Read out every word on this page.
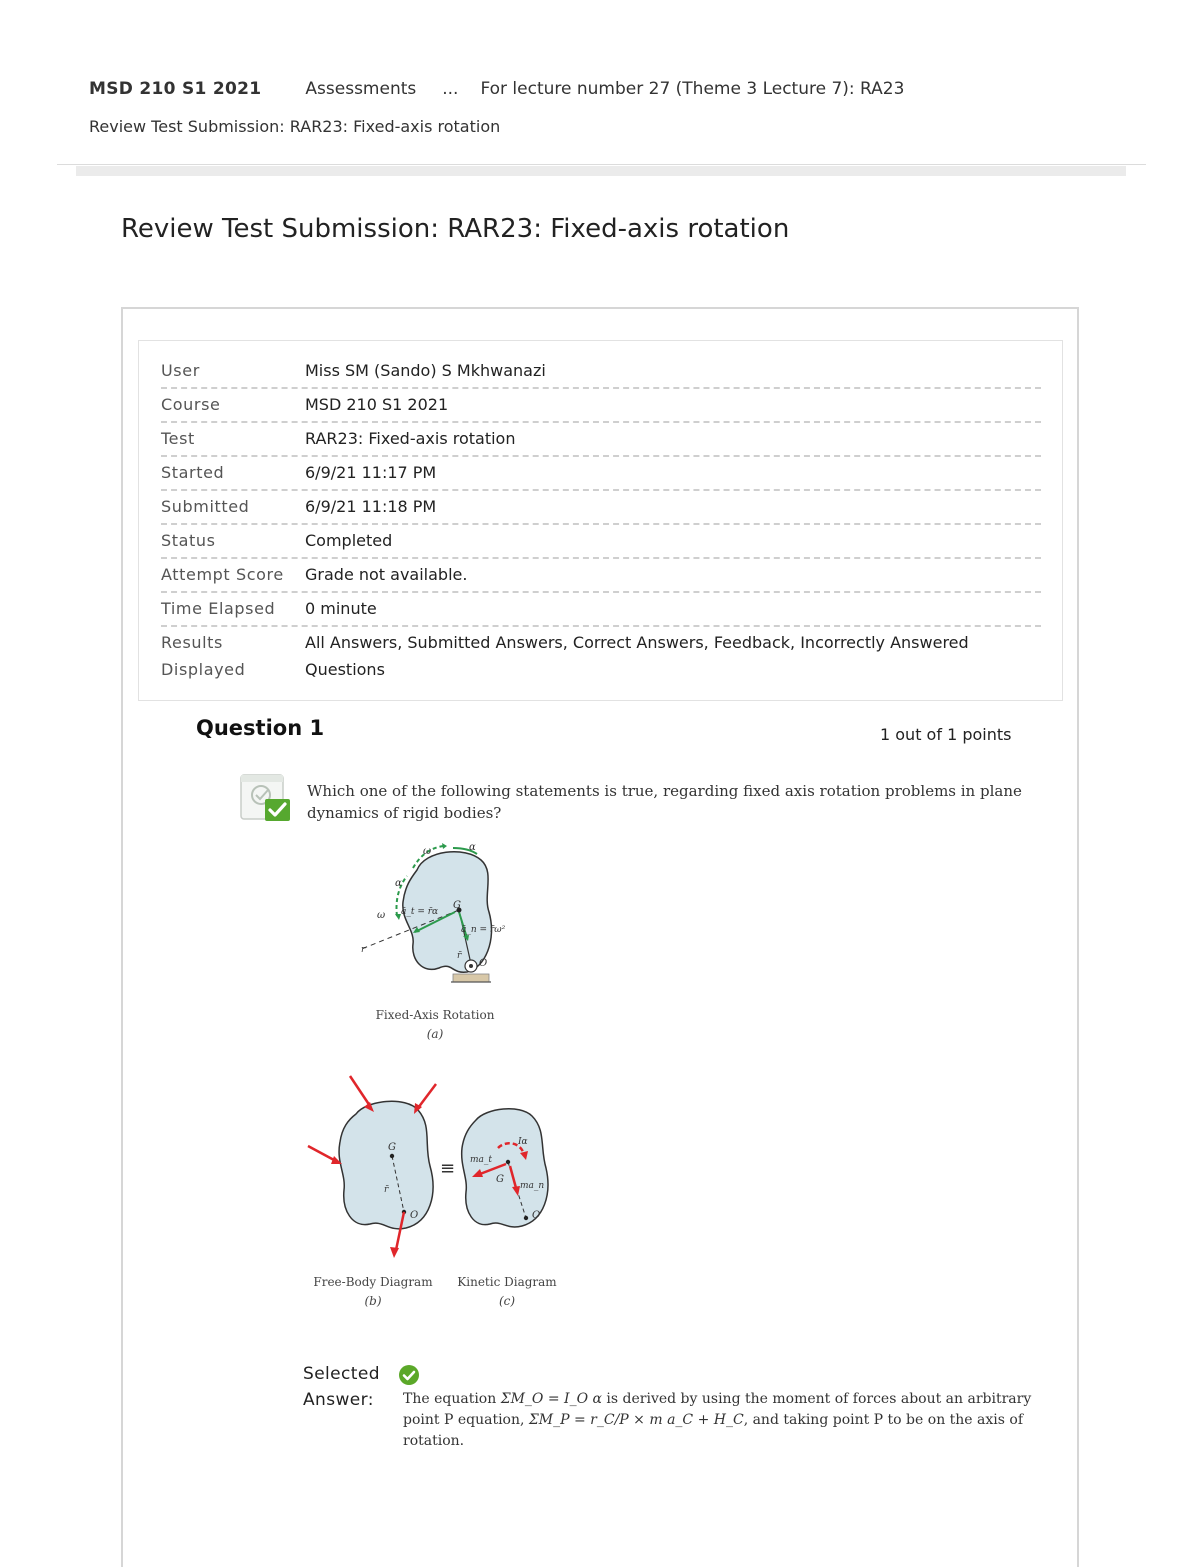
MSD 210 S1 2021	Assessments ... For lecture number 27 (Theme 3 Lecture 7): RA23
Review Test Submission: RAR23: Fixed-axis rotation
Review Test Submission: RAR23: Fixed-axis rotation
User	Miss SM (Sando) S Mkhwanazi
Course	MSD 210 S1 2021
Test	RAR23: Fixed-axis rotation
Started	6/9/21 11:17 PM
Submitted	6/9/21 11:18 PM
Status	Completed
Attempt Score	Grade not available.
Time Elapsed	0 minute
Results Displayed
All Answers, Submitted Answers, Correct Answers, Feedback, Incorrectly Answered Questions
Question 1	1 out of 1 points
Which one of the following statements is true, regarding fixed axis rotation problems in plane dynamics of rigid bodies?
ω	α
α
ω ā_t = r̄α
G
ā_n = r̄ω²
O
r̄
r
Fixed-Axis Rotation
(a)
G
r̄
O
≡
G
O
ma_t
Iα
ma_n
Free-Body Diagram
(b)
Kinetic Diagram
(c)
Selected Answer:	The equation ΣM_O = I_O α is derived by using the moment of forces about an arbitrary point P equation, ΣM_P = r_C/P × m a_C + H_C, and taking point P to be on the axis of rotation.
